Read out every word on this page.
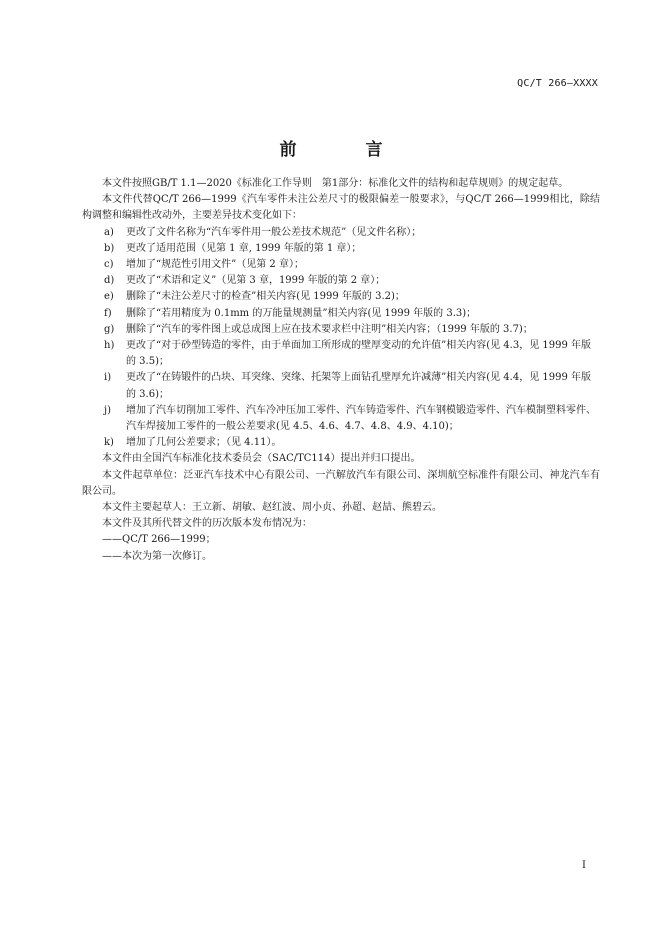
QC/T 266—XXXX
前　言

本文件按照GB/T 1.1—2020《标准化工作导则　第1部分：标准化文件的结构和起草规则》的规定起草。

本文件代替QC/T 266—1999《汽车零件未注公差尺寸的极限偏差一般要求》，与QC/T 266—1999相比，除结构调整和编辑性改动外，主要差异技术变化如下：

a) 更改了文件名称为“汽车零件用一般公差技术规范”（见文件名称）；

b) 更改了适用范围（见第 1 章, 1999 年版的第 1 章）；

c) 增加了“规范性引用文件”（见第 2 章）；

d) 更改了“术语和定义”（见第 3 章，1999 年版的第 2 章）；

e) 删除了“未注公差尺寸的检查”相关内容(见 1999 年版的 3.2)；

f) 删除了“若用精度为 0.1mm 的万能量规测量”相关内容(见 1999 年版的 3.3)；

g) 删除了“汽车的零件图上或总成图上应在技术要求栏中注明”相关内容；（1999 年版的 3.7)；

h) 更改了“对于砂型铸造的零件，由于单面加工所形成的壁厚变动的允许值”相关内容(见 4.3，见 1999 年版的 3.5)；

i) 更改了“在铸锻件的凸块、耳突缘、突缘、托架等上面钻孔壁厚允许减薄”相关内容(见 4.4，见 1999 年版的 3.6)；

j) 增加了汽车切削加工零件、汽车冷冲压加工零件、汽车铸造零件、汽车钢模锻造零件、汽车模制塑料零件、汽车焊接加工零件的一般公差要求(见 4.5、4.6、4.7、4.8、4.9、4.10)；

k) 增加了几何公差要求；（见 4.11）。

本文件由全国汽车标准化技术委员会（SAC/TC114）提出并归口提出。

本文件起草单位：泛亚汽车技术中心有限公司、一汽解放汽车有限公司、深圳航空标准件有限公司、神龙汽车有限公司。

本文件主要起草人：王立新、胡敏、赵红波、周小贞、孙超、赵喆、熊碧云。

本文件及其所代替文件的历次版本发布情况为：

——QC/T 266—1999；

——本次为第一次修订。

I
